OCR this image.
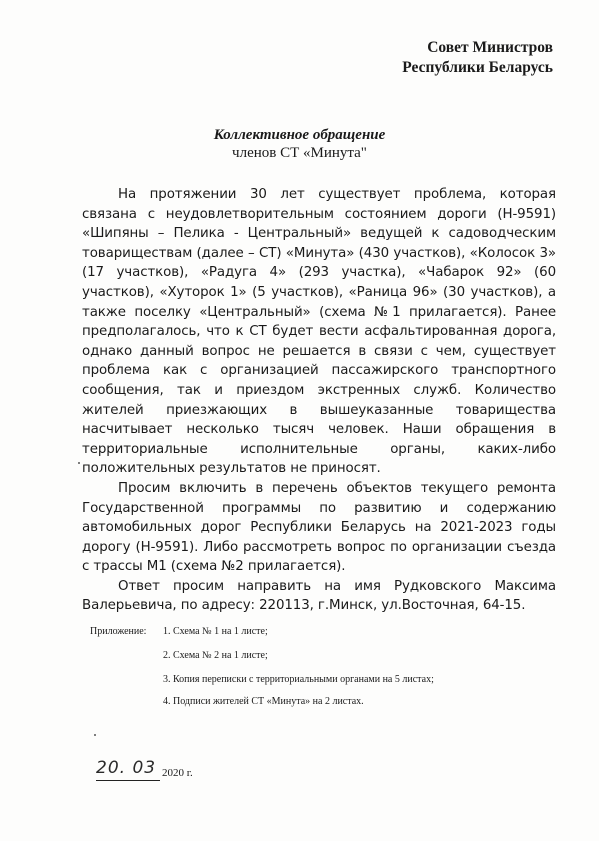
Совет Министров
Республики Беларусь
Коллективное обращение
членов СТ «Минута"

На протяжении 30 лет существует проблема, которая связана с неудовлетворительным состоянием дороги (Н-9591) «Шипяны – Пелика - Центральный» ведущей к садоводческим товариществам (далее – СТ) «Минута» (430 участков), «Колосок 3» (17 участков), «Радуга 4» (293 участка), «Чабарок 92» (60 участков), «Хуторок 1» (5 участков), «Раница 96» (30 участков), а также поселку «Центральный» (схема №1 прилагается). Ранее предполагалось, что к СТ будет вести асфальтированная дорога, однако данный вопрос не решается в связи с чем, существует проблема как с организацией пассажирского транспортного сообщения, так и приездом экстренных служб. Количество жителей приезжающих в вышеуказанные товарищества насчитывает несколько тысяч человек. Наши обращения в территориальные исполнительные органы, каких-либо положительных результатов не приносят.

Просим включить в перечень объектов текущего ремонта Государственной программы по развитию и содержанию автомобильных дорог Республики Беларусь на 2021-2023 годы дорогу (Н-9591). Либо рассмотреть вопрос по организации съезда с трассы М1 (схема №2 прилагается).

Ответ просим направить на имя Рудковского Максима Валерьевича, по адресу: 220113, г.Минск, ул.Восточная, 64-15.

Приложение: 1. Схема № 1 на 1 листе;
2. Схема № 2 на 1 листе;
3. Копия переписки с территориальными органами на 5 листах;
4. Подписи жителей СТ «Минута» на 2 листах.
20. 03 2020 г.
